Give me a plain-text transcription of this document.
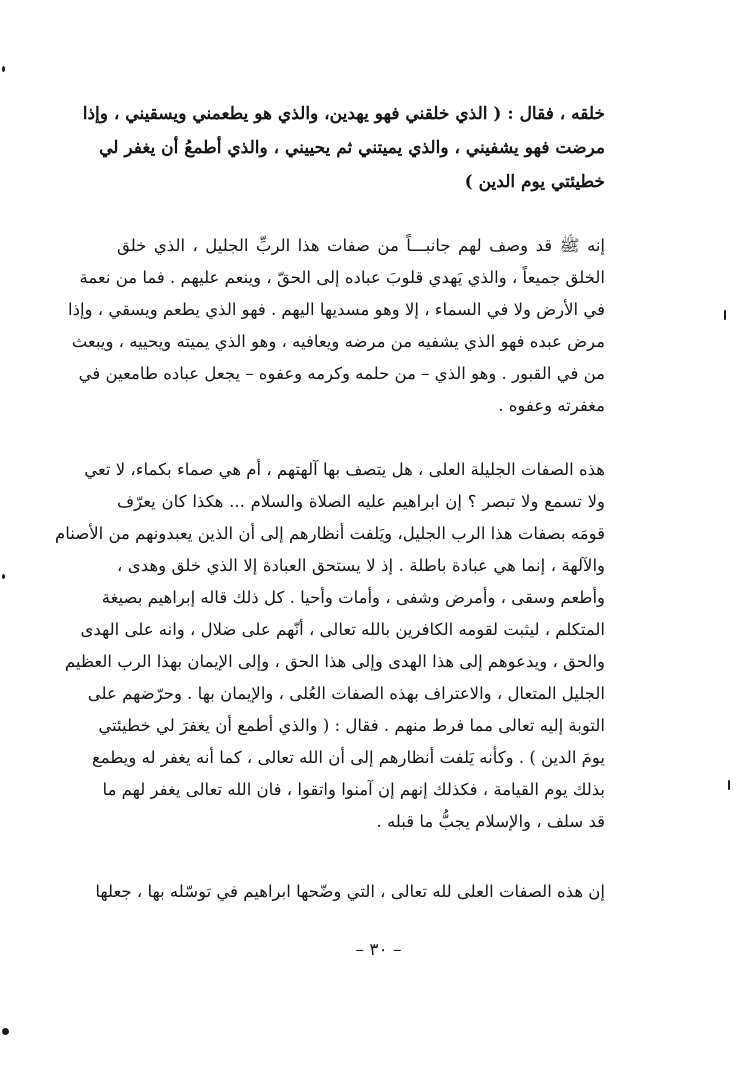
خلقه ، فقال : ( الذي خلقني فهو يهدين، والذي هو يطعمني ويسقيني ، وإذا
مرضت فهو يشفيني ، والذي يميتني ثم يحييني ، والذي أطمعُ أن يغفر لي
خطيئتي يوم الدين )
إنه ﷺ قد وصف لهم جانبـــاً من صفات هذا الربِّ الجليل ، الذي خلق
الخلق جميعاً ، والذي يَهدي قلوبَ عباده إلى الحقّ ، وينعم عليهم . فما من نعمة
في الأرض ولا في السماء ، إلا وهو مسديها اليهم . فهو الذي يطعم ويسقي ، وإذا
مرض عبده فهو الذي يشفيه من مرضه ويعافيه ، وهو الذي يميته ويحييه ، ويبعث
من في القبور . وهو الذي – من حلمه وكرمه وعفوه – يجعل عباده طامعين في
مغفرته وعفوه .
هذه الصفات الجليلة العلى ، هل يتصف بها آلهتهم ، أم هي صماء بكماء، لا تعي
ولا تسمع ولا تبصر ؟ إن ابراهيم عليه الصلاة والسلام ... هكذا كان يعرّف
قومَه بصفات هذا الرب الجليل، ويَلفت أنظارهم إلى أن الذين يعبدونهم من الأصنام
والآلهة ، إنما هي عبادة باطلة . إذ لا يستحق العبادة إلا الذي خلق وهدى ،
وأطعم وسقى ، وأمرض وشفى ، وأمات وأحيا . كل ذلك قاله إبراهيم بصيغة
المتكلم ، ليثبت لقومه الكافرين بالله تعالى ، أنّهم على ضلال ، وانه على الهدى
والحق ، ويدعوهم إلى هذا الهدى وإلى هذا الحق ، وإلى الإيمان بهذا الرب العظيم
الجليل المتعال ، والاعتراف بهذه الصفات العُلى ، والإيمان بها . وحرّضهم على
التوبة إليه تعالى مما فرط منهم . فقال : ( والذي أطمع أن يغفرَ لي خطيئتي
يومَ الدين ) . وكأنه يَلفت أنظارهم إلى أن الله تعالى ، كما أنه يغفر له ويطمع
بذلك يوم القيامة ، فكذلك إنهم إن آمنوا واتقوا ، فان الله تعالى يغفر لهم ما
قد سلف ، والإسلام يجبُّ ما قبله .
إن هذه الصفات العلى لله تعالى ، التي وضّحها ابراهيم في توسّله بها ، جعلها
– ٣٠ –
